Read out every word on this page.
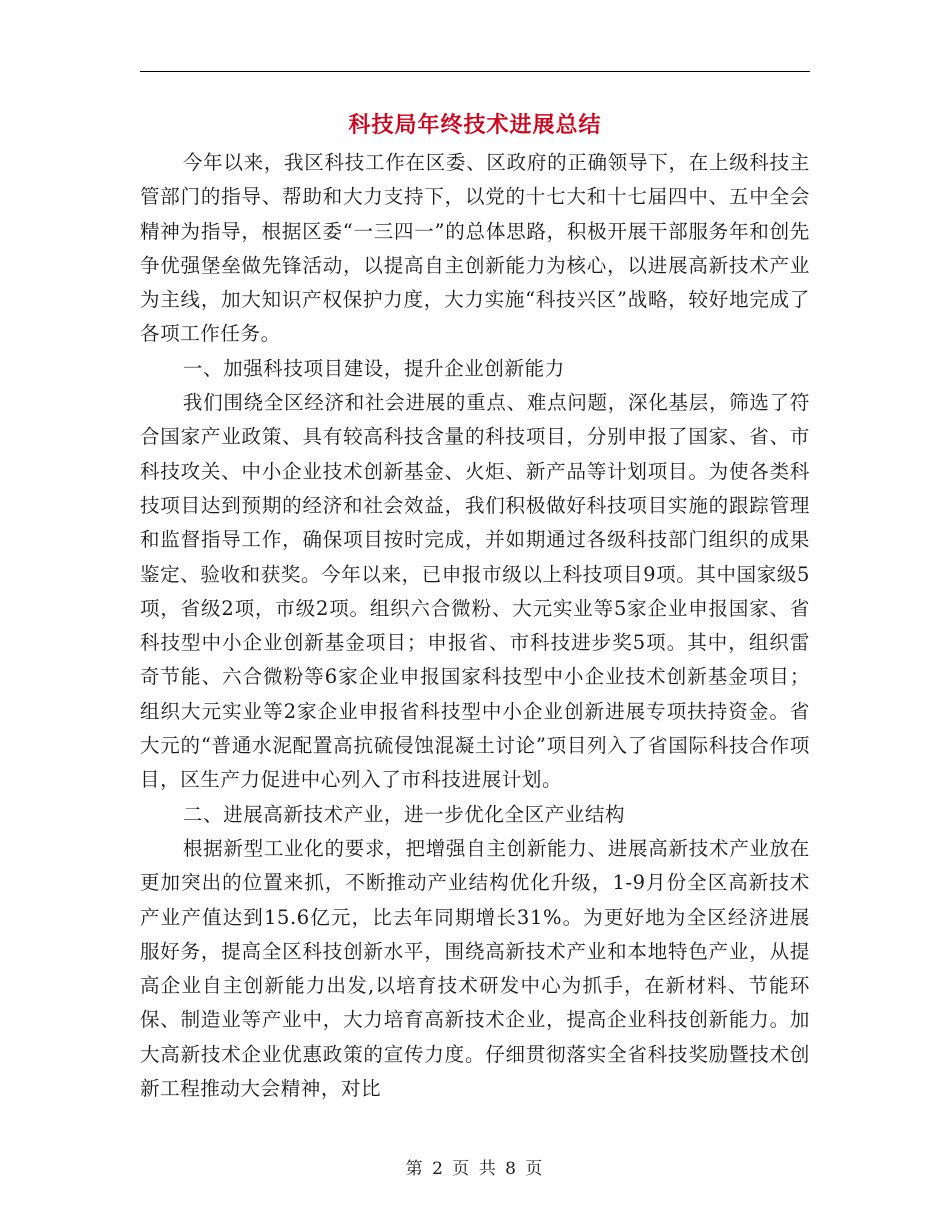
科技局年终技术进展总结

今年以来，我区科技工作在区委、区政府的正确领导下，在上级科技主管部门的指导、帮助和大力支持下，以党的十七大和十七届四中、五中全会精神为指导，根据区委“一三四一”的总体思路，积极开展干部服务年和创先争优强堡垒做先锋活动，以提高自主创新能力为核心，以进展高新技术产业为主线，加大知识产权保护力度，大力实施“科技兴区”战略，较好地完成了各项工作任务。

一、加强科技项目建设，提升企业创新能力

我们围绕全区经济和社会进展的重点、难点问题，深化基层，筛选了符合国家产业政策、具有较高科技含量的科技项目，分别申报了国家、省、市科技攻关、中小企业技术创新基金、火炬、新产品等计划项目。为使各类科技项目达到预期的经济和社会效益，我们积极做好科技项目实施的跟踪管理和监督指导工作，确保项目按时完成，并如期通过各级科技部门组织的成果鉴定、验收和获奖。今年以来，已申报市级以上科技项目9项。其中国家级5项，省级2项，市级2项。组织六合微粉、大元实业等5家企业申报国家、省科技型中小企业创新基金项目；申报省、市科技进步奖5项。其中，组织雷奇节能、六合微粉等6家企业申报国家科技型中小企业技术创新基金项目；组织大元实业等2家企业申报省科技型中小企业创新进展专项扶持资金。省大元的“普通水泥配置高抗硫侵蚀混凝土讨论”项目列入了省国际科技合作项目，区生产力促进中心列入了市科技进展计划。

二、进展高新技术产业，进一步优化全区产业结构

根据新型工业化的要求，把增强自主创新能力、进展高新技术产业放在更加突出的位置来抓，不断推动产业结构优化升级，1-9月份全区高新技术产业产值达到15.6亿元，比去年同期增长31%。为更好地为全区经济进展服好务，提高全区科技创新水平，围绕高新技术产业和本地特色产业，从提高企业自主创新能力出发,以培育技术研发中心为抓手，在新材料、节能环保、制造业等产业中，大力培育高新技术企业，提高企业科技创新能力。加大高新技术企业优惠政策的宣传力度。仔细贯彻落实全省科技奖励暨技术创新工程推动大会精神，对比

第 2 页 共 8 页
